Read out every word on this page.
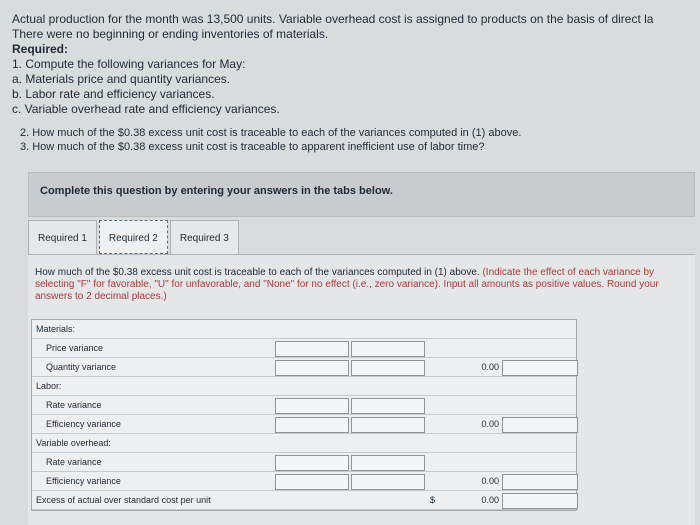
Actual production for the month was 13,500 units. Variable overhead cost is assigned to products on the basis of direct la
There were no beginning or ending inventories of materials.
Required:
1. Compute the following variances for May:
a. Materials price and quantity variances.
b. Labor rate and efficiency variances.
c. Variable overhead rate and efficiency variances.
2. How much of the $0.38 excess unit cost is traceable to each of the variances computed in (1) above.
3. How much of the $0.38 excess unit cost is traceable to apparent inefficient use of labor time?
Complete this question by entering your answers in the tabs below.
Required 1	Required 2	Required 3
How much of the $0.38 excess unit cost is traceable to each of the variances computed in (1) above. (Indicate the effect of each variance by selecting "F" for favorable, "U" for unfavorable, and "None" for no effect (i.e., zero variance). Input all amounts as positive values. Round your answers to 2 decimal places.)
Materials:
Price variance
Quantity variance	0.00
Labor:
Rate variance
Efficiency variance	0.00
Variable overhead:
Rate variance
Efficiency variance	0.00
Excess of actual over standard cost per unit	$	0.00
